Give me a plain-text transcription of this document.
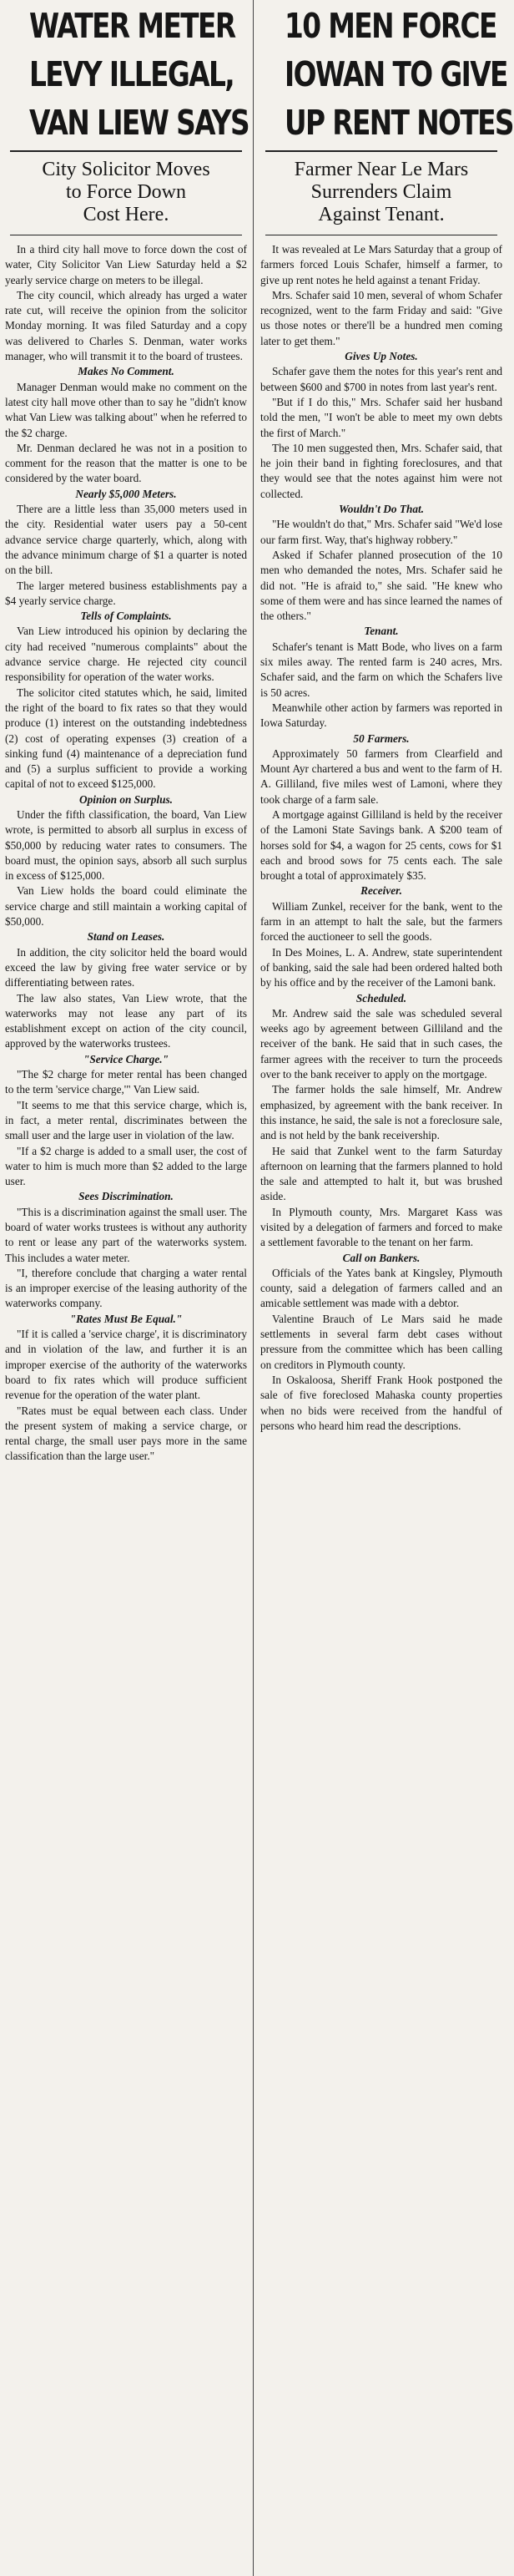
WATER METER
LEVY ILLEGAL,
VAN LIEW SAYS
City Solicitor Moves
to Force Down
Cost Here.

In a third city hall move to force down the cost of water, City Solicitor Van Liew Saturday held a $2 yearly service charge on meters to be illegal.

The city council, which already has urged a water rate cut, will receive the opinion from the solicitor Monday morning. It was filed Saturday and a copy was delivered to Charles S. Denman, water works manager, who will transmit it to the board of trustees.

Makes No Comment.

Manager Denman would make no comment on the latest city hall move other than to say he "didn't know what Van Liew was talking about" when he referred to the $2 charge.

Mr. Denman declared he was not in a position to comment for the reason that the matter is one to be considered by the water board.

Nearly $5,000 Meters.

There are a little less than 35,000 meters used in the city. Residential water users pay a 50-cent advance service charge quarterly, which, along with the advance minimum charge of $1 a quarter is noted on the bill.

The larger metered business establishments pay a $4 yearly service charge.

Tells of Complaints.

Van Liew introduced his opinion by declaring the city had received "numerous complaints" about the advance service charge. He rejected city council responsibility for operation of the water works.

The solicitor cited statutes which, he said, limited the right of the board to fix rates so that they would produce (1) interest on the outstanding indebtedness (2) cost of operating expenses (3) creation of a sinking fund (4) maintenance of a depreciation fund and (5) a surplus sufficient to provide a working capital of not to exceed $125,000.

Opinion on Surplus.

Under the fifth classification, the board, Van Liew wrote, is permitted to absorb all surplus in excess of $50,000 by reducing water rates to consumers. The board must, the opinion says, absorb all such surplus in excess of $125,000.

Van Liew holds the board could eliminate the service charge and still maintain a working capital of $50,000.

Stand on Leases.

In addition, the city solicitor held the board would exceed the law by giving free water service or by differentiating between rates.

The law also states, Van Liew wrote, that the waterworks may not lease any part of its establishment except on action of the city council, approved by the waterworks trustees.

"Service Charge."

"The $2 charge for meter rental has been changed to the term 'service charge,'" Van Liew said.

"It seems to me that this service charge, which is, in fact, a meter rental, discriminates between the small user and the large user in violation of the law.

"If a $2 charge is added to a small user, the cost of water to him is much more than $2 added to the large user.

Sees Discrimination.

"This is a discrimination against the small user. The board of water works trustees is without any authority to rent or lease any part of the waterworks system. This includes a water meter.

"I, therefore conclude that charging a water rental is an improper exercise of the leasing authority of the waterworks company.

"Rates Must Be Equal."

"If it is called a 'service charge', it is discriminatory and in violation of the law, and further it is an improper exercise of the authority of the waterworks board to fix rates which will produce sufficient revenue for the operation of the water plant.

"Rates must be equal between each class. Under the present system of making a service charge, or rental charge, the small user pays more in the same classification than the large user."

10 MEN FORCE
IOWAN TO GIVE
UP RENT NOTES
Farmer Near Le Mars
Surrenders Claim
Against Tenant.

It was revealed at Le Mars Saturday that a group of farmers forced Louis Schafer, himself a farmer, to give up rent notes he held against a tenant Friday.

Mrs. Schafer said 10 men, several of whom Schafer recognized, went to the farm Friday and said: "Give us those notes or there'll be a hundred men coming later to get them."

Gives Up Notes.

Schafer gave them the notes for this year's rent and between $600 and $700 in notes from last year's rent.

"But if I do this," Mrs. Schafer said her husband told the men, "I won't be able to meet my own debts the first of March."

The 10 men suggested then, Mrs. Schafer said, that he join their band in fighting foreclosures, and that they would see that the notes against him were not collected.

Wouldn't Do That.

"He wouldn't do that," Mrs. Schafer said "We'd lose our farm first. Way, that's highway robbery."

Asked if Schafer planned prosecution of the 10 men who demanded the notes, Mrs. Schafer said he did not. "He is afraid to," she said. "He knew who some of them were and has since learned the names of the others."

Tenant.

Schafer's tenant is Matt Bode, who lives on a farm six miles away. The rented farm is 240 acres, Mrs. Schafer said, and the farm on which the Schafers live is 50 acres.

Meanwhile other action by farmers was reported in Iowa Saturday.

50 Farmers.

Approximately 50 farmers from Clearfield and Mount Ayr chartered a bus and went to the farm of H. A. Gilliland, five miles west of Lamoni, where they took charge of a farm sale.

A mortgage against Gilliland is held by the receiver of the Lamoni State Savings bank. A $200 team of horses sold for $4, a wagon for 25 cents, cows for $1 each and brood sows for 75 cents each. The sale brought a total of approximately $35.

Receiver.

William Zunkel, receiver for the bank, went to the farm in an attempt to halt the sale, but the farmers forced the auctioneer to sell the goods.

In Des Moines, L. A. Andrew, state superintendent of banking, said the sale had been ordered halted both by his office and by the receiver of the Lamoni bank.

Scheduled.

Mr. Andrew said the sale was scheduled several weeks ago by agreement between Gilliland and the receiver of the bank. He said that in such cases, the farmer agrees with the receiver to turn the proceeds over to the bank receiver to apply on the mortgage.

The farmer holds the sale himself, Mr. Andrew emphasized, by agreement with the bank receiver. In this instance, he said, the sale is not a foreclosure sale, and is not held by the bank receivership.

He said that Zunkel went to the farm Saturday afternoon on learning that the farmers planned to hold the sale and attempted to halt it, but was brushed aside.

In Plymouth county, Mrs. Margaret Kass was visited by a delegation of farmers and forced to make a settlement favorable to the tenant on her farm.

Call on Bankers.

Officials of the Yates bank at Kingsley, Plymouth county, said a delegation of farmers called and an amicable settlement was made with a debtor.

Valentine Brauch of Le Mars said he made settlements in several farm debt cases without pressure from the committee which has been calling on creditors in Plymouth county.

In Oskaloosa, Sheriff Frank Hook postponed the sale of five foreclosed Mahaska county properties when no bids were received from the handful of persons who heard him read the descriptions.
